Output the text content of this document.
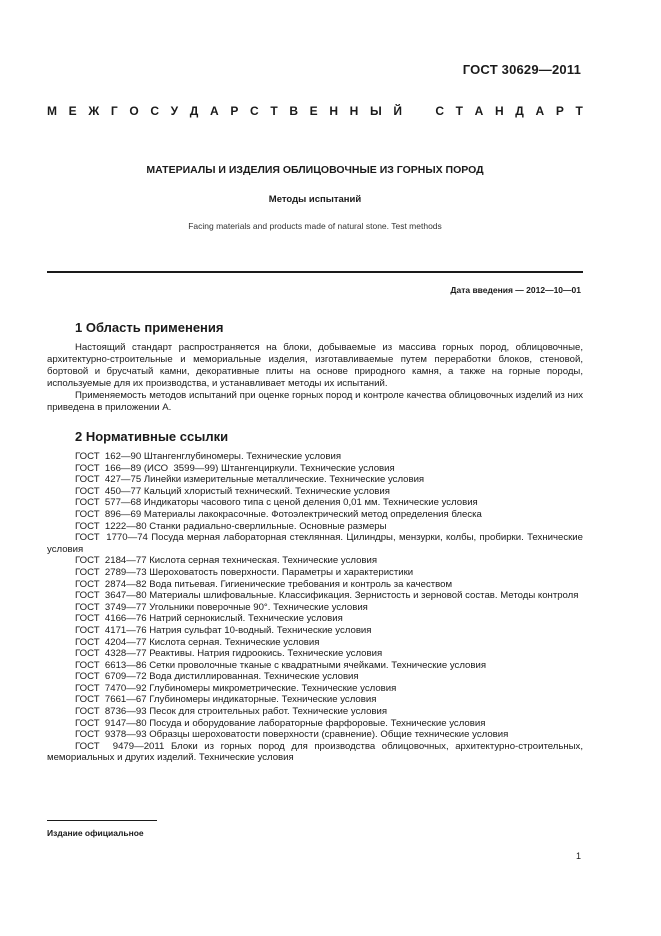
ГОСТ 30629—2011
М Е Ж Г О С У Д А Р С Т В Е Н Н Ы Й	С Т А Н Д А Р Т
МАТЕРИАЛЫ И ИЗДЕЛИЯ ОБЛИЦОВОЧНЫЕ ИЗ ГОРНЫХ ПОРОД
Методы испытаний
Facing materials and products made of natural stone. Test methods
Дата введения — 2012—10—01
1 Область применения

Настоящий стандарт распространяется на блоки, добываемые из массива горных пород, облицовочные, архитектурно-строительные и мемориальные изделия, изготавливаемые путем переработки блоков, стеновой, бортовой и брусчатый камни, декоративные плиты на основе природного камня, а также на горные породы, используемые для их производства, и устанавливает методы их испытаний.

Применяемость методов испытаний при оценке горных пород и контроле качества облицовочных изделий из них приведена в приложении А.

2 Нормативные ссылки
ГОСТ  162—90 Штангенглубиномеры. Технические условия
ГОСТ  166—89 (ИСО  3599—99) Штангенциркули. Технические условия
ГОСТ  427—75 Линейки измерительные металлические. Технические условия
ГОСТ  450—77 Кальций хлористый технический. Технические условия
ГОСТ  577—68 Индикаторы часового типа с ценой деления 0,01 мм. Технические условия
ГОСТ  896—69 Материалы лакокрасочные. Фотоэлектрический метод определения блеска
ГОСТ  1222—80 Станки радиально-сверлильные. Основные размеры
ГОСТ  1770—74 Посуда мерная лабораторная стеклянная. Цилиндры, мензурки, колбы, пробирки. Технические условия
ГОСТ  2184—77 Кислота серная техническая. Технические условия
ГОСТ  2789—73 Шероховатость поверхности. Параметры и характеристики
ГОСТ  2874—82 Вода питьевая. Гигиенические требования и контроль за качеством
ГОСТ  3647—80 Материалы шлифовальные. Классификация. Зернистость и зерновой состав. Методы контроля
ГОСТ  3749—77 Угольники поверочные 90°. Технические условия
ГОСТ  4166—76 Натрий сернокислый. Технические условия
ГОСТ  4171—76 Натрия сульфат 10-водный. Технические условия
ГОСТ  4204—77 Кислота серная. Технические условия
ГОСТ  4328—77 Реактивы. Натрия гидроокись. Технические условия
ГОСТ  6613—86 Сетки проволочные тканые с квадратными ячейками. Технические условия
ГОСТ  6709—72 Вода дистиллированная. Технические условия
ГОСТ  7470—92 Глубиномеры микрометрические. Технические условия
ГОСТ  7661—67 Глубиномеры индикаторные. Технические условия
ГОСТ  8736—93 Песок для строительных работ. Технические условия
ГОСТ  9147—80 Посуда и оборудование лабораторные фарфоровые. Технические условия
ГОСТ  9378—93 Образцы шероховатости поверхности (сравнение). Общие технические условия
ГОСТ  9479—2011 Блоки из горных пород для производства облицовочных, архитектурно-строительных, мемориальных и других изделий. Технические условия
Издание официальное
1
